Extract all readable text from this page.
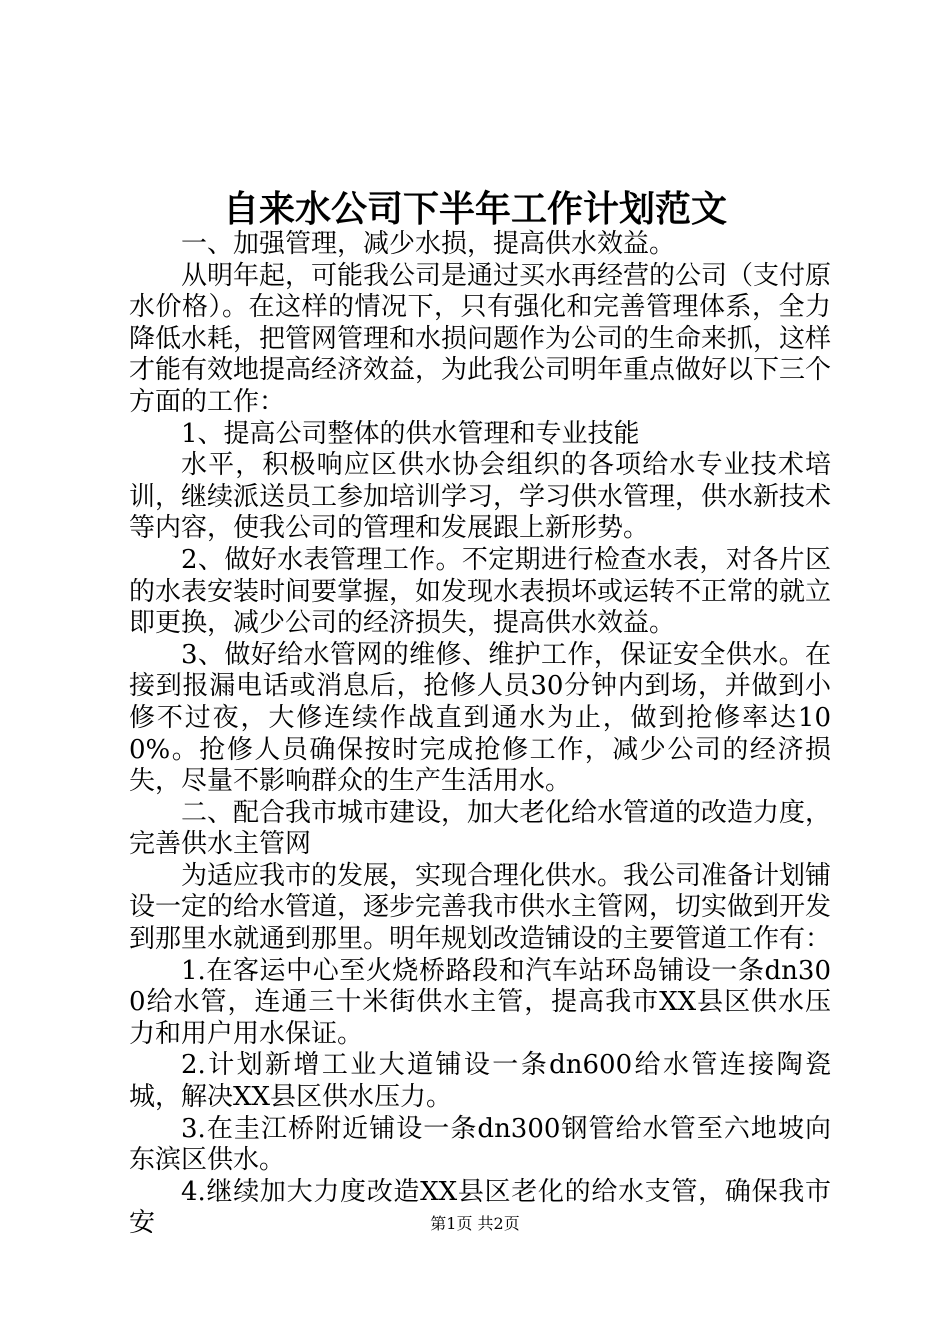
自来水公司下半年工作计划范文

一、加强管理，减少水损，提高供水效益。

从明年起，可能我公司是通过买水再经营的公司（支付原水价格）。在这样的情况下，只有强化和完善管理体系，全力降低水耗，把管网管理和水损问题作为公司的生命来抓，这样才能有效地提高经济效益，为此我公司明年重点做好以下三个方面的工作：

1、提高公司整体的供水管理和专业技能

水平，积极响应区供水协会组织的各项给水专业技术培训，继续派送员工参加培训学习，学习供水管理，供水新技术等内容，使我公司的管理和发展跟上新形势。

2、做好水表管理工作。不定期进行检查水表，对各片区的水表安装时间要掌握，如发现水表损坏或运转不正常的就立即更换，减少公司的经济损失，提高供水效益。

3、做好给水管网的维修、维护工作，保证安全供水。在接到报漏电话或消息后，抢修人员30分钟内到场，并做到小修不过夜，大修连续作战直到通水为止，做到抢修率达100%。抢修人员确保按时完成抢修工作，减少公司的经济损失，尽量不影响群众的生产生活用水。

二、配合我市城市建设，加大老化给水管道的改造力度，完善供水主管网

为适应我市的发展，实现合理化供水。我公司准备计划铺设一定的给水管道，逐步完善我市供水主管网，切实做到开发到那里水就通到那里。明年规划改造铺设的主要管道工作有：

1.在客运中心至火烧桥路段和汽车站环岛铺设一条dn300给水管，连通三十米街供水主管，提高我市XX县区供水压力和用户用水保证。

2.计划新增工业大道铺设一条dn600给水管连接陶瓷城，解决XX县区供水压力。

3.在圭江桥附近铺设一条dn300钢管给水管至六地坡向东滨区供水。

4.继续加大力度改造XX县区老化的给水支管，确保我市安	第1页 共2页
